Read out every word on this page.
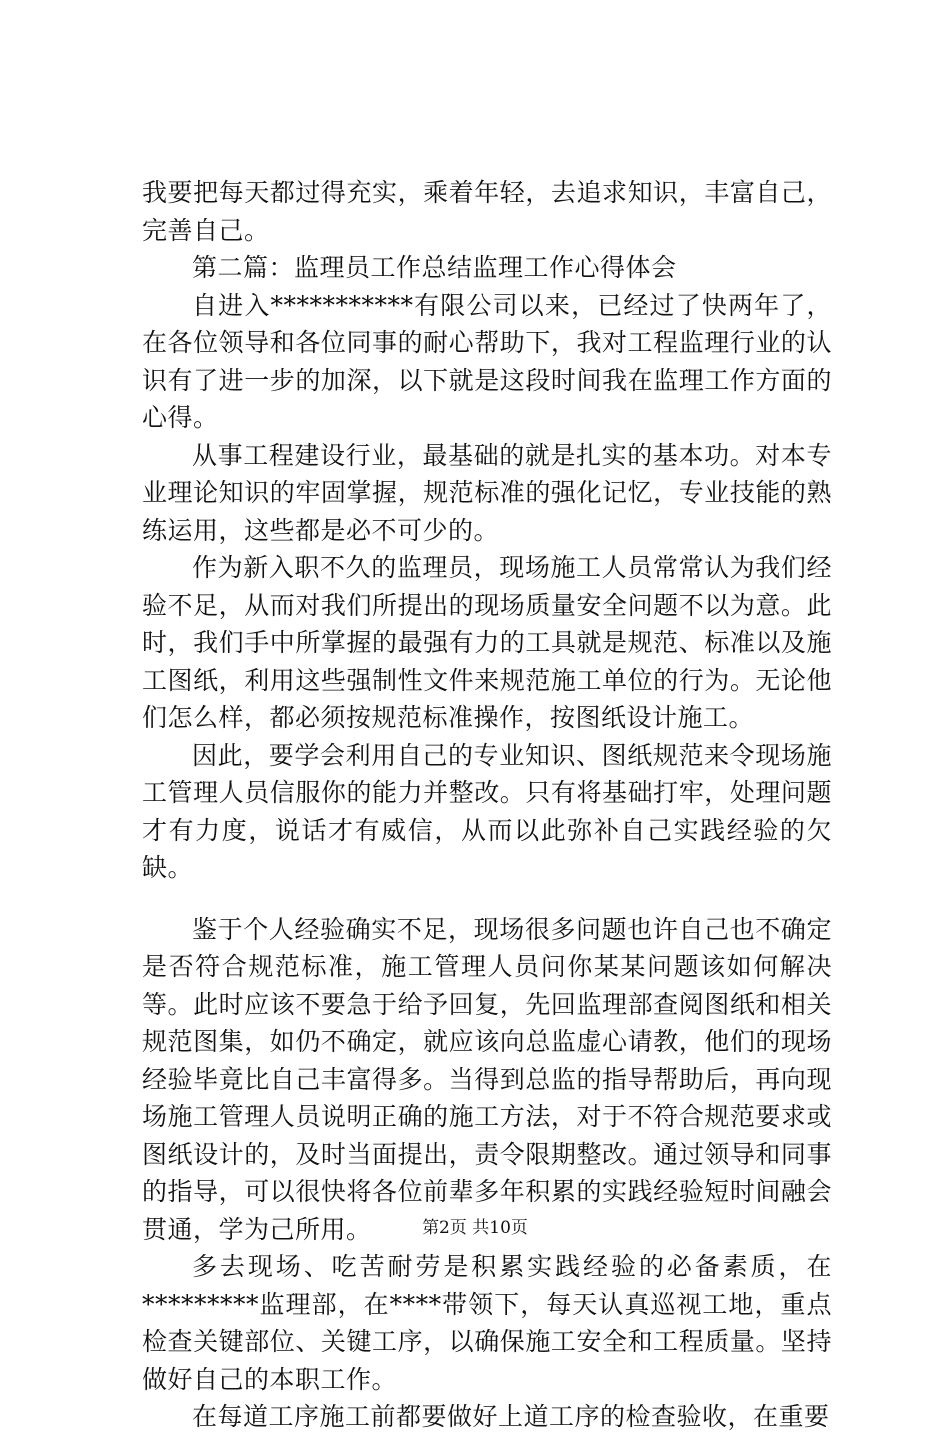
我要把每天都过得充实，乘着年轻，去追求知识，丰富自己，完善自己。

第二篇：监理员工作总结监理工作心得体会

自进入***********有限公司以来，已经过了快两年了，在各位领导和各位同事的耐心帮助下，我对工程监理行业的认识有了进一步的加深，以下就是这段时间我在监理工作方面的心得。

从事工程建设行业，最基础的就是扎实的基本功。对本专业理论知识的牢固掌握，规范标准的强化记忆，专业技能的熟练运用，这些都是必不可少的。

作为新入职不久的监理员，现场施工人员常常认为我们经验不足，从而对我们所提出的现场质量安全问题不以为意。此时，我们手中所掌握的最强有力的工具就是规范、标准以及施工图纸，利用这些强制性文件来规范施工单位的行为。无论他们怎么样，都必须按规范标准操作，按图纸设计施工。

因此，要学会利用自己的专业知识、图纸规范来令现场施工管理人员信服你的能力并整改。只有将基础打牢，处理问题才有力度，说话才有威信，从而以此弥补自己实践经验的欠缺。

鉴于个人经验确实不足，现场很多问题也许自己也不确定是否符合规范标准，施工管理人员问你某某问题该如何解决等。此时应该不要急于给予回复，先回监理部查阅图纸和相关规范图集，如仍不确定，就应该向总监虚心请教，他们的现场经验毕竟比自己丰富得多。当得到总监的指导帮助后，再向现场施工管理人员说明正确的施工方法，对于不符合规范要求或图纸设计的，及时当面提出，责令限期整改。通过领导和同事的指导，可以很快将各位前辈多年积累的实践经验短时间融会贯通，学为己所用。

多去现场、吃苦耐劳是积累实践经验的必备素质，在*********监理部，在****带领下，每天认真巡视工地，重点检查关键部位、关键工序，以确保施工安全和工程质量。坚持做好自己的本职工作。

在每道工序施工前都要做好上道工序的检查验收，在重要

第2页 共10页
